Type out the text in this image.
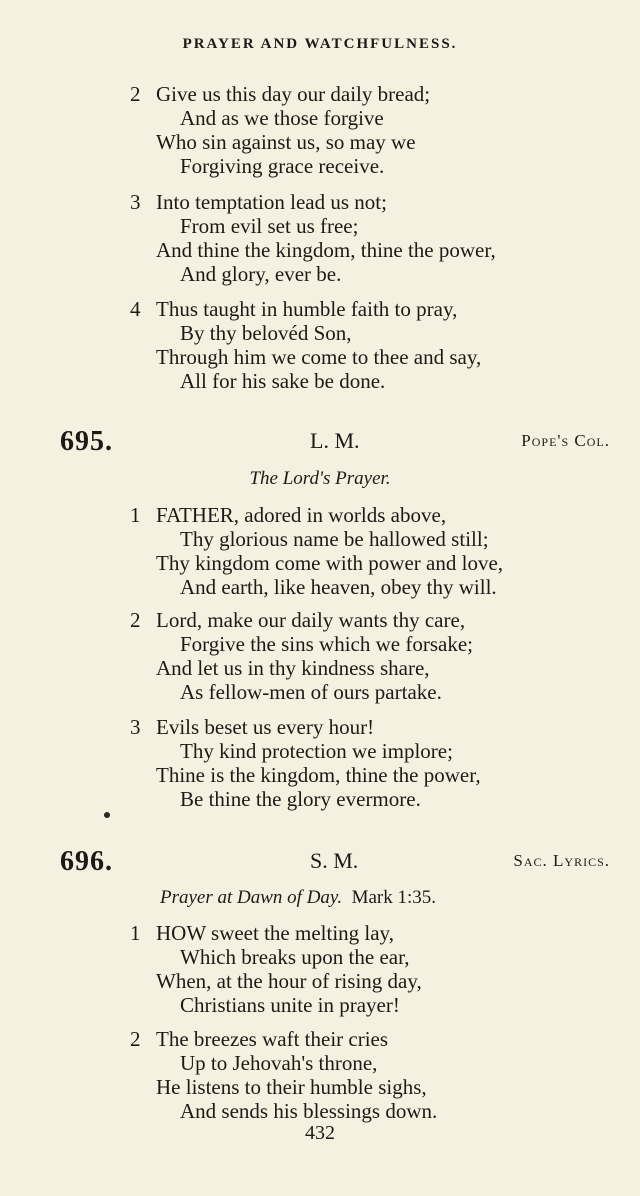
PRAYER AND WATCHFULNESS.
2 Give us this day our daily bread;
And as we those forgive
Who sin against us, so may we
Forgiving grace receive.
3 Into temptation lead us not;
From evil set us free;
And thine the kingdom, thine the power,
And glory, ever be.
4 Thus taught in humble faith to pray,
By thy belovéd Son,
Through him we come to thee and say,
All for his sake be done.
695.	L. M.	Pope's Col.
The Lord's Prayer.
1 FATHER, adored in worlds above,
Thy glorious name be hallowed still;
Thy kingdom come with power and love,
And earth, like heaven, obey thy will.
2 Lord, make our daily wants thy care,
Forgive the sins which we forsake;
And let us in thy kindness share,
As fellow-men of ours partake.
3 Evils beset us every hour!
Thy kind protection we implore;
Thine is the kingdom, thine the power,
Be thine the glory evermore.
696.	S. M.	Sac. Lyrics.
Prayer at Dawn of Day. Mark 1:35.
1 HOW sweet the melting lay,
Which breaks upon the ear,
When, at the hour of rising day,
Christians unite in prayer!
2 The breezes waft their cries
Up to Jehovah's throne,
He listens to their humble sighs,
And sends his blessings down.
432
